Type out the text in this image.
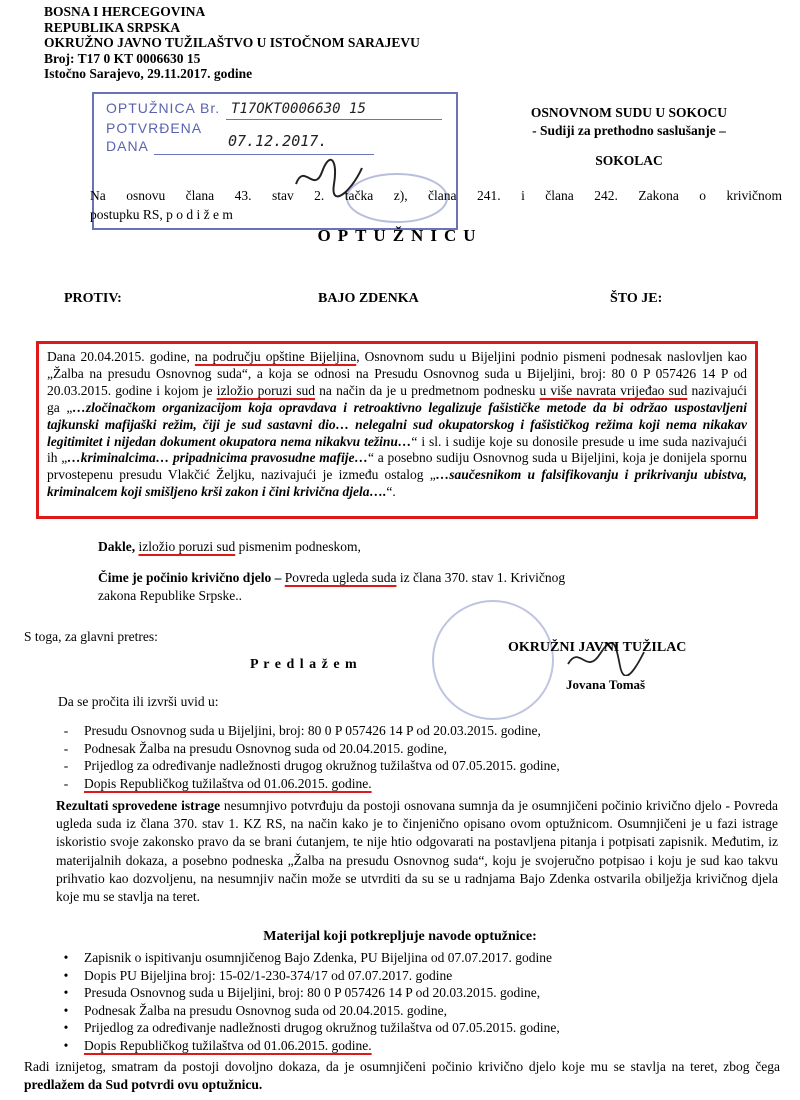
BOSNA I HERCEGOVINA
REPUBLIKA SRPSKA
OKRUŽNO JAVNO TUŽILAŠTVO U ISTOČNOM SARAJEVU
Broj: T17 0 KT 0006630 15
Istočno Sarajevo, 29.11.2017. godine
OPTUŽNICA Br. T17OKT0006630 15
POTVRĐENA
DANA	07.12.2017.
OSNOVNOM SUDU U SOKOCU
- Sudiji za prethodno saslušanje –
SOKOLAC
Na osnovu člana 43. stav 2. tačka z), člana 241. i člana 242. Zakona o krivičnom
postupku RS, p o d i ž e m
OPTUŽNICU
PROTIV:	BAJO ZDENKA	ŠTO JE:

Dana 20.04.2015. godine, na području opštine Bijeljina, Osnovnom sudu u Bijeljini podnio pismeni podnesak naslovljen kao „Žalba na presudu Osnovnog suda“, a koja se odnosi na Presudu Osnovnog suda u Bijeljini, broj: 80 0 P 057426 14 P od 20.03.2015. godine i kojom je izložio poruzi sud na način da je u predmetnom podnesku u više navrata vrijeđao sud nazivajući ga „…zločinačkom organizacijom koja opravdava i retroaktivno legalizuje fašističke metode da bi održao uspostavljeni tajkunski mafijaški režim, čiji je sud sastavni dio… nelegalni sud okupatorskog i fašističkog režima koji nema nikakav legitimitet i nijedan dokument okupatora nema nikakvu težinu…“ i sl. i sudije koje su donosile presude u ime suda nazivajući ih „…kriminalcima… pripadnicima pravosudne mafije…“ a posebno sudiju Osnovnog suda u Bijeljini, koja je donijela spornu prvostepenu presudu Vlakčić Željku, nazivajući je između ostalog „…saučesnikom u falsifikovanju i prikrivanju ubistva, kriminalcem koji smišljeno krši zakon i čini krivična djela….“.

Dakle, izložio poruzi sud pismenim podneskom,
Čime je počinio krivično djelo – Povreda ugleda suda iz člana 370. stav 1. Krivičnog
zakona Republike Srpske..
S toga, za glavni pretres:
OKRUŽNI JAVNI TUŽILAC
Jovana Tomaš
P r e d l a ž e m
Da se pročita ili izvrši uvid u:
-	Presudu Osnovnog suda u Bijeljini, broj: 80 0 P 057426 14 P od 20.03.2015. godine,
-	Podnesak Žalba na presudu Osnovnog suda od 20.04.2015. godine,
-	Prijedlog za određivanje nadležnosti drugog okružnog tužilaštva od 07.05.2015. godine,
-	Dopis Republičkog tužilaštva od 01.06.2015. godine.
Rezultati sprovedene istrage nesumnjivo potvrđuju da postoji osnovana sumnja da je osumnjičeni počinio krivično djelo - Povreda ugleda suda iz člana 370. stav 1. KZ RS, na način kako je to činjenično opisano ovom optužnicom. Osumnjičeni je u fazi istrage iskoristio svoje zakonsko pravo da se brani ćutanjem, te nije htio odgovarati na postavljena pitanja i potpisati zapisnik. Međutim, iz materijalnih dokaza, a posebno podneska „Žalba na presudu Osnovnog suda“, koju je svojeručno potpisao i koju je sud kao takvu prihvatio kao dozvoljenu, na nesumnjiv način može se utvrditi da su se u radnjama Bajo Zdenka ostvarila obilježja krivičnog djela koje mu se stavlja na teret.
Materijal koji potkrepljuje navode optužnice:
•	Zapisnik o ispitivanju osumnjičenog Bajo Zdenka, PU Bijeljina od 07.07.2017. godine
•	Dopis PU Bijeljina broj: 15-02/1-230-374/17 od 07.07.2017. godine
•	Presuda Osnovnog suda u Bijeljini, broj: 80 0 P 057426 14 P od 20.03.2015. godine,
•	Podnesak Žalba na presudu Osnovnog suda od 20.04.2015. godine,
•	Prijedlog za određivanje nadležnosti drugog okružnog tužilaštva od 07.05.2015. godine,
•	Dopis Republičkog tužilaštva od 01.06.2015. godine.
Radi iznijetog, smatram da postoji dovoljno dokaza, da je osumnjičeni počinio krivično djelo koje mu se stavlja na teret, zbog čega predlažem da Sud potvrdi ovu optužnicu.
